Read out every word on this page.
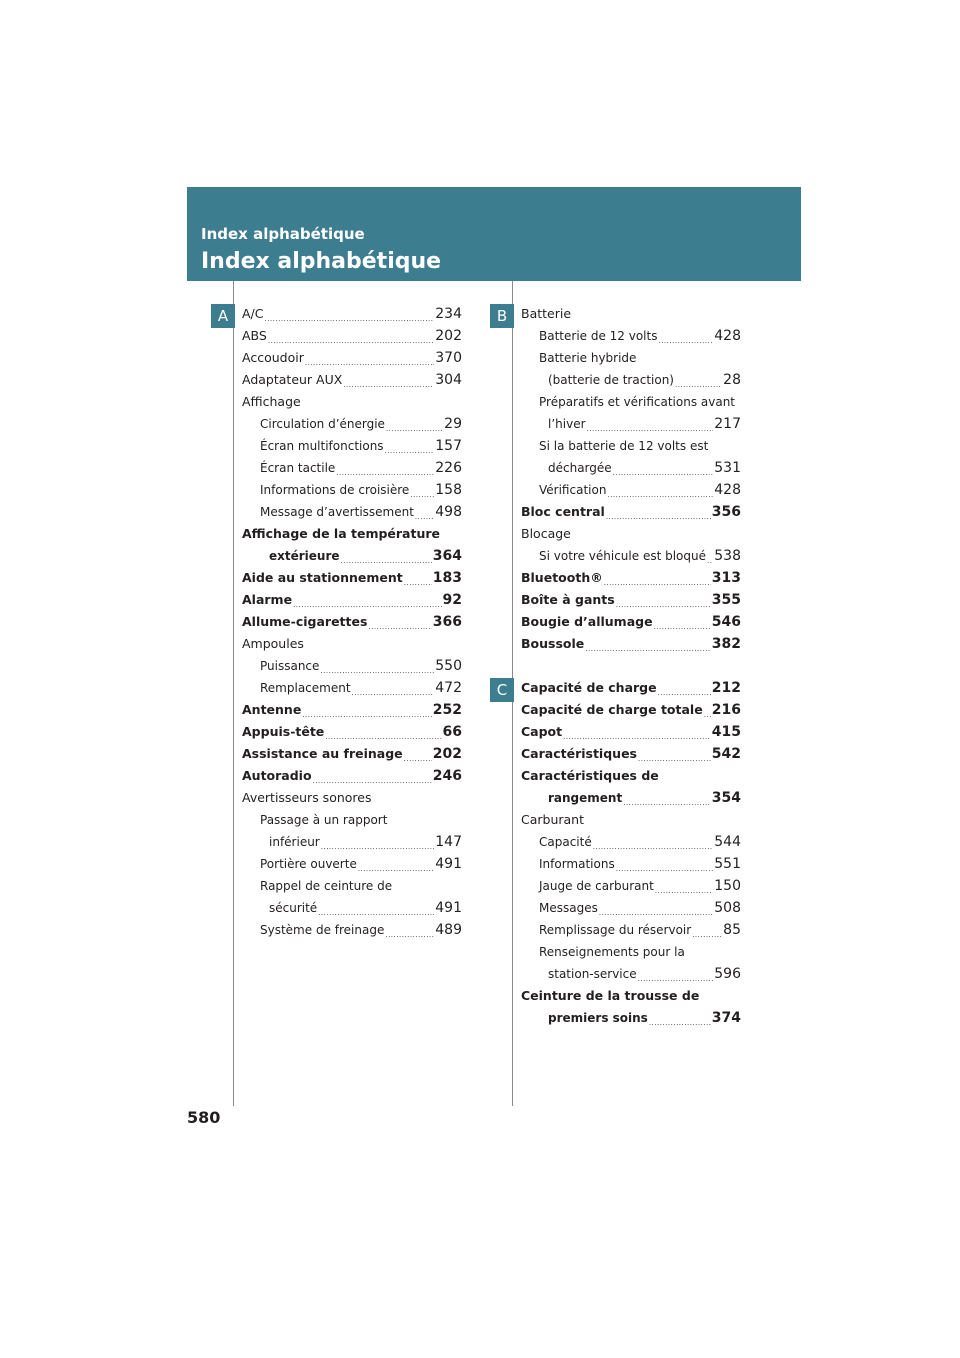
Index alphabétique
Index alphabétique
A	B
C
A/C .....	234
ABS .....	202
Accoudoir .....	370
Adaptateur AUX .....	304
Affichage
Circulation d’énergie .....	29
Écran multifonctions .....	157
Écran tactile .....	226
Informations de croisière ..... 158
Message d’avertissement ..... 498
Affichage de la température
extérieure .....	364
Aide au stationnement ..... 183
Alarme .....	92
Allume-cigarettes .....	366
Ampoules
Puissance .....	550
Remplacement .....	472
Antenne .....	252
Appuis-tête .....	66
Assistance au freinage ..... 202
Autoradio .....	246
Avertisseurs sonores
Passage à un rapport
inférieur .....	147
Portière ouverte .....	491
Rappel de ceinture de
sécurité .....	491
Système de freinage .....	489
Batterie
Batterie de 12 volts .....	428
Batterie hybride
(batterie de traction) .....	28
Préparatifs et vérifications avant
l’hiver .....	217
Si la batterie de 12 volts est
déchargée .....	531
Vérification .....	428
Bloc central .....	356
Blocage
Si votre véhicule est bloqué ..... 538
Bluetooth® .....	313
Boîte à gants .....	355
Bougie d’allumage .....	546
Boussole .....	382
Capacité de charge .....	212
Capacité de charge totale ..... 216
Capot .....	415
Caractéristiques .....	542
Caractéristiques de
rangement .....	354
Carburant
Capacité .....	544
Informations .....	551
Jauge de carburant .....	150
Messages .....	508
Remplissage du réservoir ..... 85
Renseignements pour la
station-service .....	596
Ceinture de la trousse de
premiers soins .....	374
580
